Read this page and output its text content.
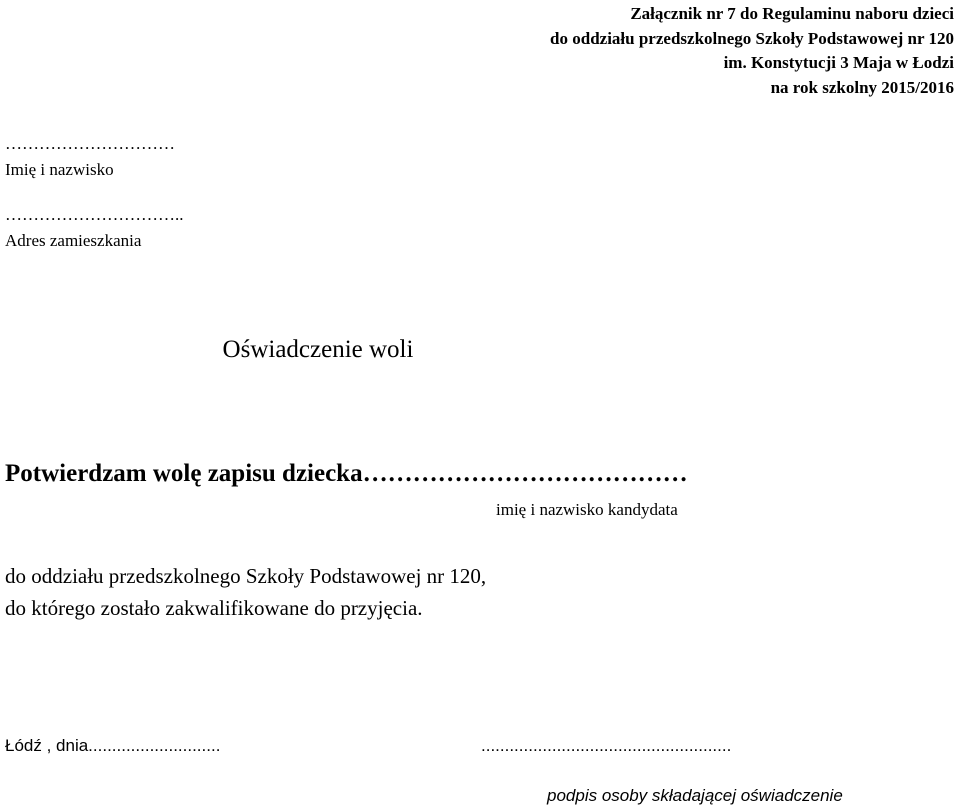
Załącznik nr 7 do Regulaminu naboru dzieci
do oddziału przedszkolnego Szkoły Podstawowej nr 120
im. Konstytucji 3 Maja w Łodzi
na rok szkolny 2015/2016
…………………………
Imię i nazwisko
…………………………..
Adres zamieszkania
Oświadczenie woli
Potwierdzam wolę zapisu dziecka…………………………………
imię i nazwisko kandydata
do oddziału przedszkolnego Szkoły Podstawowej nr 120,
do którego zostało zakwalifikowane do przyjęcia.
Łódź , dnia............................	.....................................................
podpis osoby składającej oświadczenie
